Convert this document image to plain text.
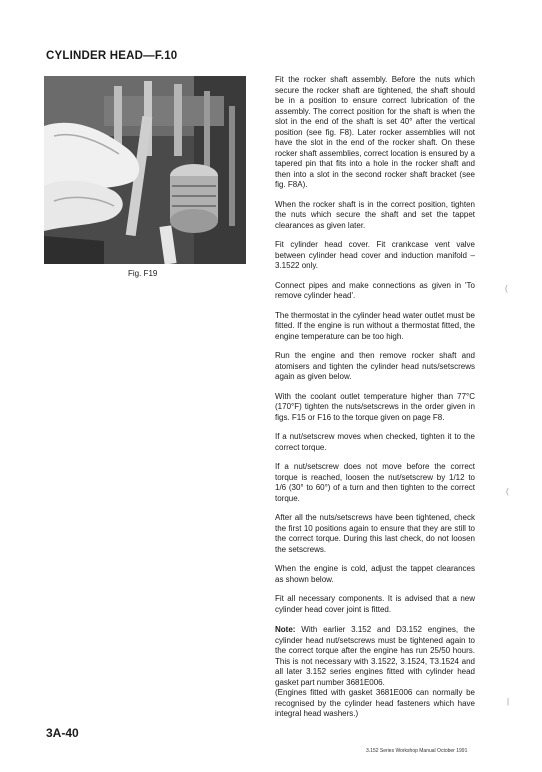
CYLINDER HEAD—F.10

Fig. F19

Fit the rocker shaft assembly. Before the nuts which secure the rocker shaft are tightened, the shaft should be in a position to ensure correct lubrication of the assembly. The correct position for the shaft is when the slot in the end of the shaft is set 40° after the vertical position (see fig. F8). Later rocker assemblies will not have the slot in the end of the rocker shaft. On these rocker shaft assemblies, correct location is ensured by a tapered pin that fits into a hole in the rocker shaft and then into a slot in the second rocker shaft bracket (see fig. F8A).

When the rocker shaft is in the correct position, tighten the nuts which secure the shaft and set the tappet clearances as given later.

Fit cylinder head cover. Fit crankcase vent valve between cylinder head cover and induction manifold – 3.1522 only.

Connect pipes and make connections as given in 'To remove cylinder head'.

The thermostat in the cylinder head water outlet must be fitted. If the engine is run without a thermostat fitted, the engine temperature can be too high.

Run the engine and then remove rocker shaft and atomisers and tighten the cylinder head nuts/setscrews again as given below.

With the coolant outlet temperature higher than 77°C (170°F) tighten the nuts/setscrews in the order given in figs. F15 or F16 to the torque given on page F8.

If a nut/setscrew moves when checked, tighten it to the correct torque.

If a nut/setscrew does not move before the correct torque is reached, loosen the nut/setscrew by 1/12 to 1/6 (30° to 60°) of a turn and then tighten to the correct torque.

After all the nuts/setscrews have been tightened, check the first 10 positions again to ensure that they are still to the correct torque. During this last check, do not loosen the setscrews.

When the engine is cold, adjust the tappet clearances as shown below.

Fit all necessary components. It is advised that a new cylinder head cover joint is fitted.

Note: With earlier 3.152 and D3.152 engines, the cylinder head nut/setscrews must be tightened again to the correct torque after the engine has run 25/50 hours. This is not necessary with 3.1522, 3.1524, T3.1524 and all later 3.152 series engines fitted with cylinder head gasket part number 3681E006.

(Engines fitted with gasket 3681E006 can normally be recognised by the cylinder head fasteners which have integral head washers.)

(
(
|

3A-40

3.152 Series Workshop Manual October 1991
